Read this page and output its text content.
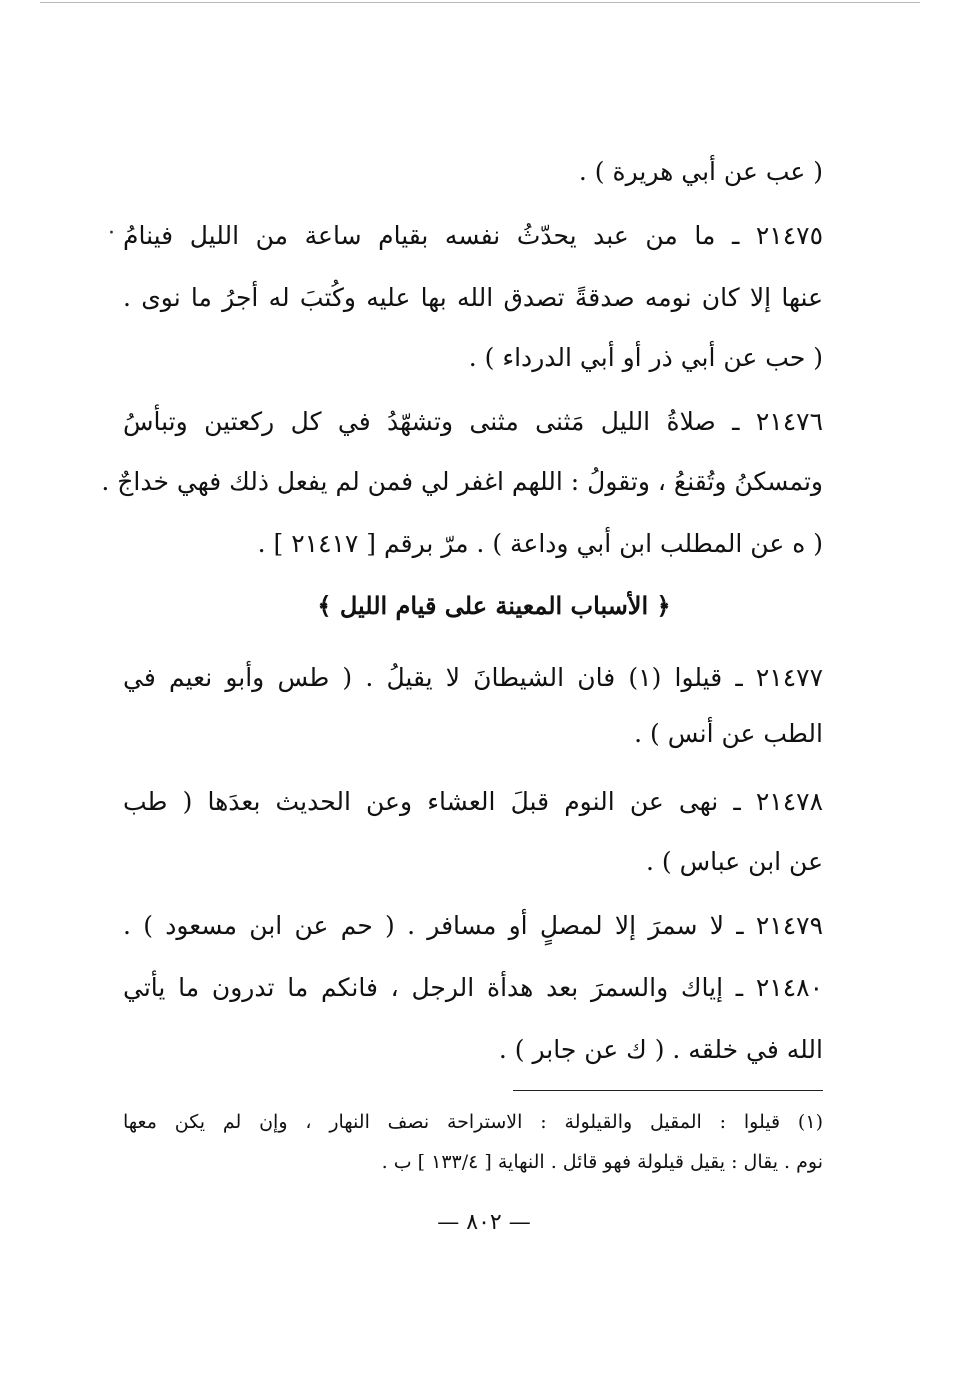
( عب عن أبي هريرة ) .
٢١٤٧٥ ـ ما من عبد يحدّثُ نفسه بقيام ساعة من الليل فينامُ
·
عنها إلا كان نومه صدقةً تصدق الله بها عليه وكُتبَ له أجرُ ما نوى .
( حب عن أبي ذر أو أبي الدرداء ) .
٢١٤٧٦ ـ صلاةُ الليل مَثنى مثنى وتشهّدُ في كل ركعتين وتبأسُ
وتمسكنُ وتُقنعُ ، وتقولُ : اللهم اغفر لي فمن لم يفعل ذلك فهي خداجٌ .
( ه عن المطلب ابن أبي وداعة ) . مرّ برقم [ ٢١٤١٧ ] .
﴿ الأسباب المعينة على قيام الليل ﴾
٢١٤٧٧ ـ قيلوا (١) فان الشيطانَ لا يقيلُ . ( طس وأبو نعيم في
الطب عن أنس ) .
٢١٤٧٨ ـ نهى عن النوم قبلَ العشاء وعن الحديث بعدَها ( طب
عن ابن عباس ) .
٢١٤٧٩ ـ لا سمرَ إلا لمصلٍ أو مسافر . ( حم عن ابن مسعود ) .
٢١٤٨٠ ـ إياك والسمرَ بعد هدأة الرجل ، فانكم ما تدرون ما يأتي
الله في خلقه . ( ك عن جابر ) .
(١) قيلوا : المقيل والقيلولة : الاستراحة نصف النهار ، وإن لم يكن معها
نوم . يقال : يقيل قيلولة فهو قائل . النهاية [ ١٣٣/٤ ] ب .
— ٨٠٢ —
